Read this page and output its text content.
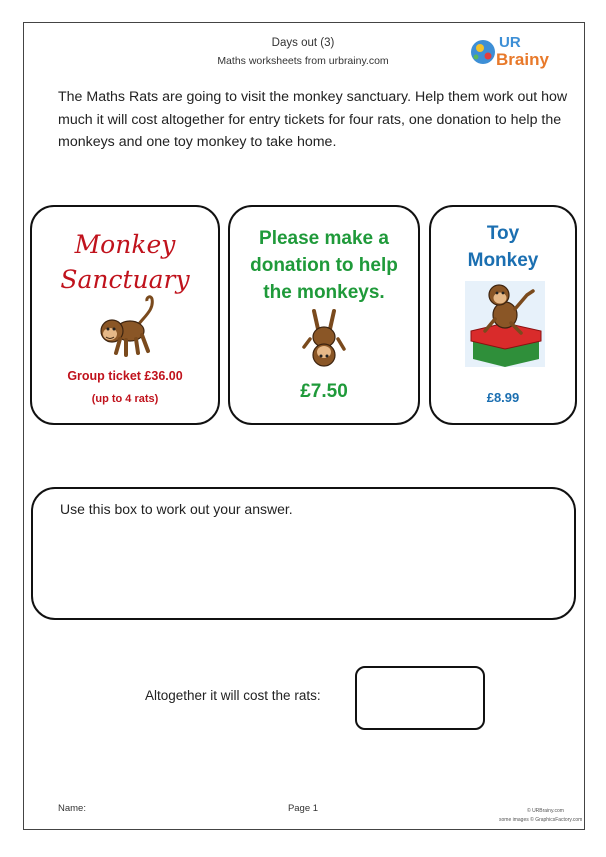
Days out (3)
Maths worksheets from urbrainy.com
UR
Brainy
The Maths Rats are going to visit the monkey sanctuary. Help them work out how much it will cost altogether for entry tickets for four rats, one donation to help the monkeys and one toy monkey to take home.
Monkey
Sanctuary
Group ticket £36.00
(up to 4 rats)
Please make a
donation to help
the monkeys.
£7.50
Toy
Monkey
£8.99
Use this box to work out your answer.
Altogether it will cost the rats:
Name:	Page 1	© URBrainy.com
some images © GraphicsFactory.com
